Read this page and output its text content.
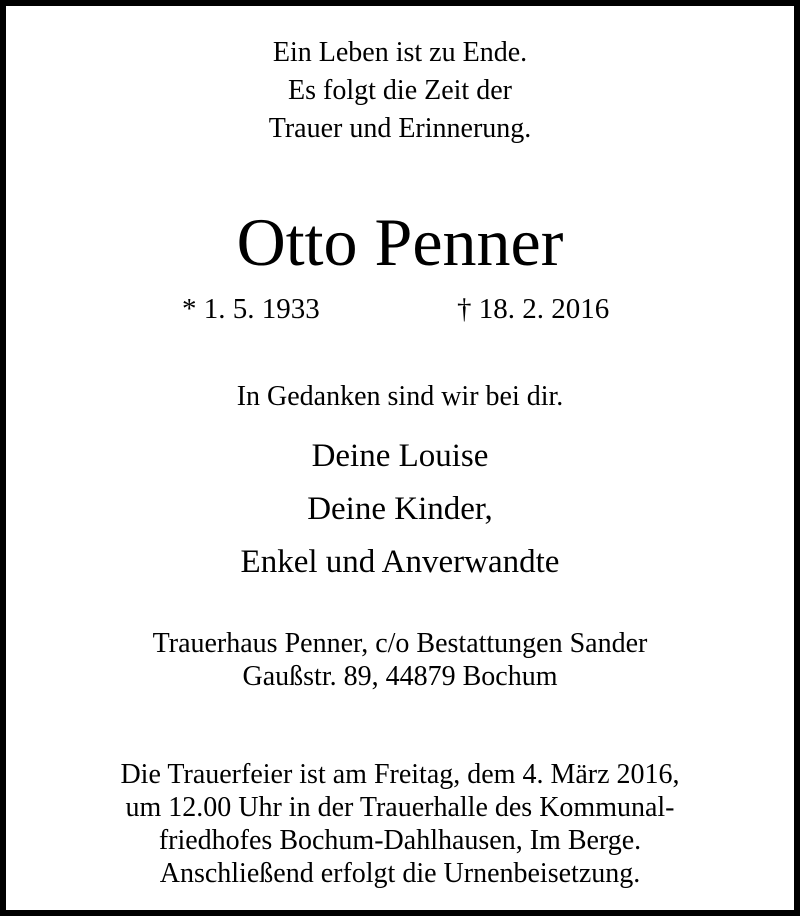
Ein Leben ist zu Ende.
Es folgt die Zeit der
Trauer und Erinnerung.
Otto Penner
* 1. 5. 1933	† 18. 2. 2016
In Gedanken sind wir bei dir.
Deine Louise
Deine Kinder,
Enkel und Anverwandte
Trauerhaus Penner, c/o Bestattungen Sander
Gaußstr. 89, 44879 Bochum
Die Trauerfeier ist am Freitag, dem 4. März 2016,
um 12.00 Uhr in der Trauerhalle des Kommunal-
friedhofes Bochum-Dahlhausen, Im Berge.
Anschließend erfolgt die Urnenbeisetzung.
